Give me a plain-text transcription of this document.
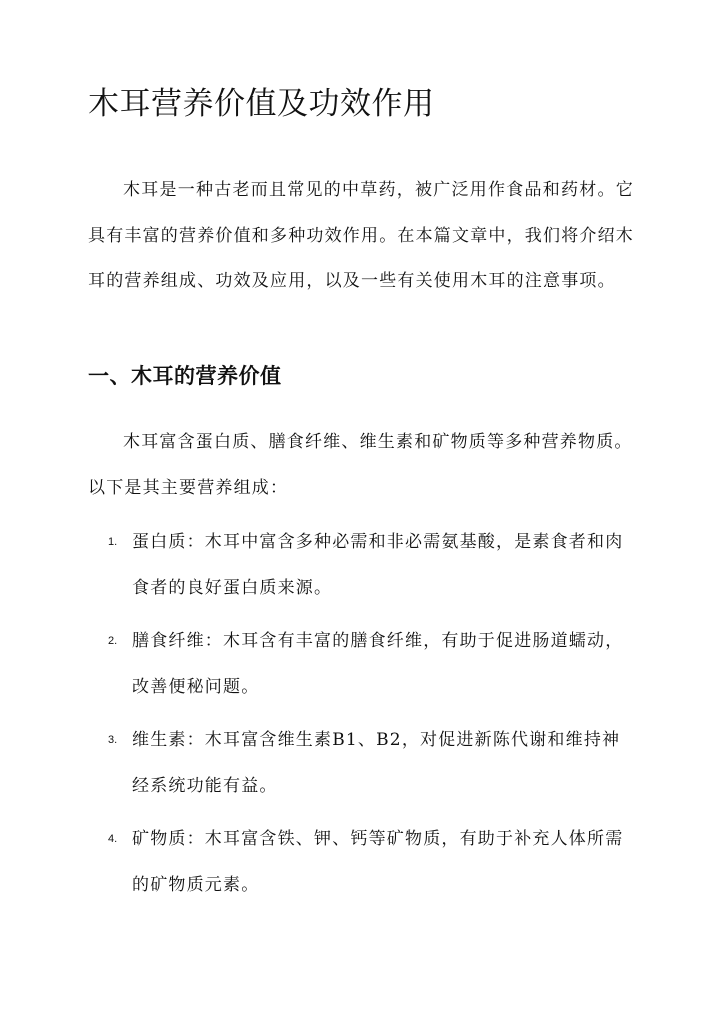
木耳营养价值及功效作用

木耳是一种古老而且常见的中草药，被广泛用作食品和药材。它具有丰富的营养价值和多种功效作用。在本篇文章中，我们将介绍木耳的营养组成、功效及应用，以及一些有关使用木耳的注意事项。

一、木耳的营养价值

木耳富含蛋白质、膳食纤维、维生素和矿物质等多种营养物质。以下是其主要营养组成：

1. 蛋白质：木耳中富含多种必需和非必需氨基酸，是素食者和肉食者的良好蛋白质来源。
2. 膳食纤维：木耳含有丰富的膳食纤维，有助于促进肠道蠕动，改善便秘问题。
3. 维生素：木耳富含维生素B1、B2，对促进新陈代谢和维持神经系统功能有益。
4. 矿物质：木耳富含铁、钾、钙等矿物质，有助于补充人体所需的矿物质元素。
